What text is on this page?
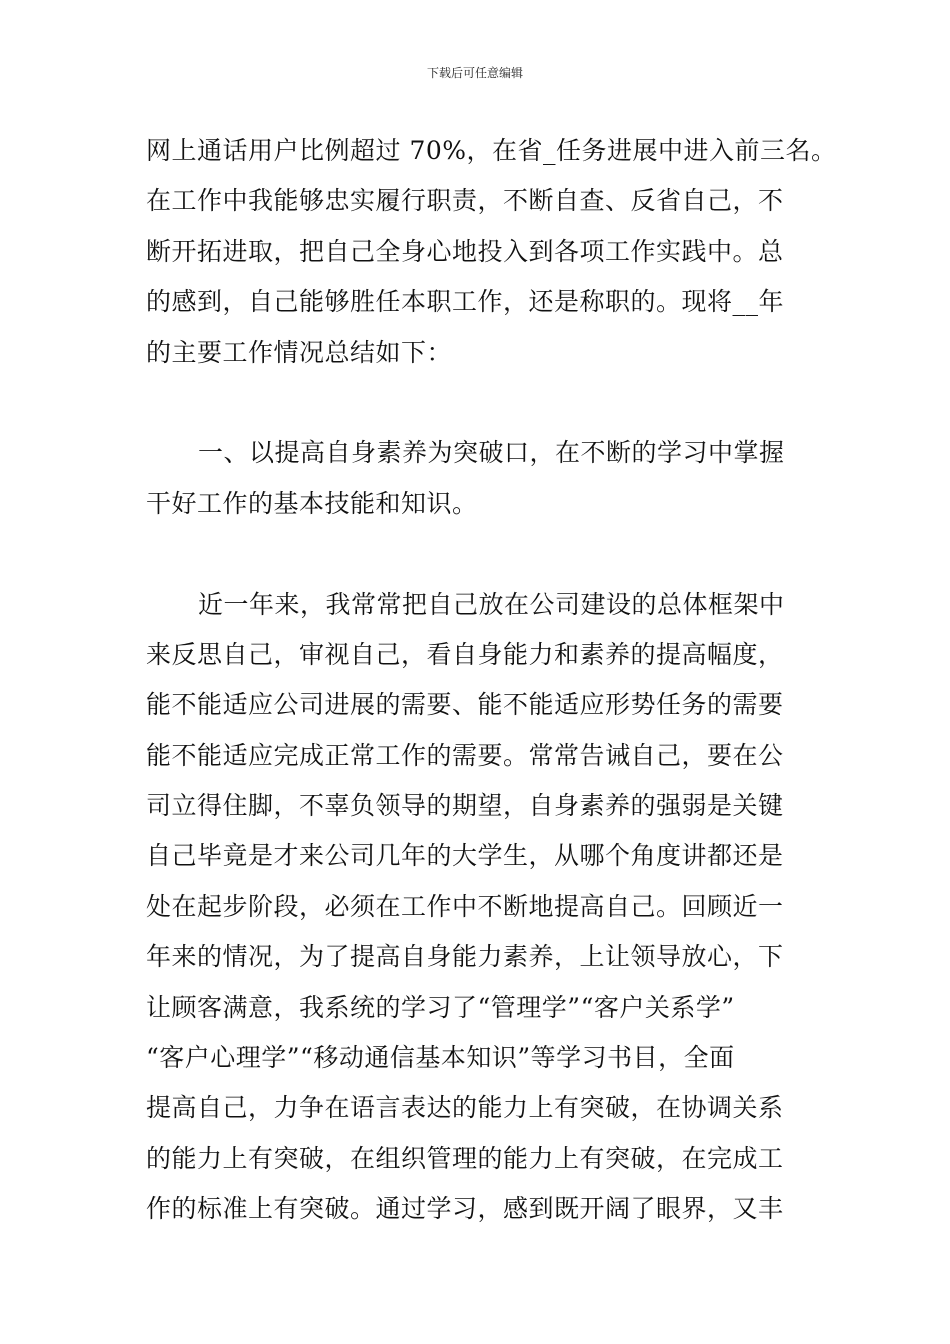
下载后可任意编辑
网上通话用户比例超过 70%，在省_任务进展中进入前三名。
在工作中我能够忠实履行职责，不断自查、反省自己，不
断开拓进取，把自己全身心地投入到各项工作实践中。总
的感到，自己能够胜任本职工作，还是称职的。现将__年
的主要工作情况总结如下：
一、以提高自身素养为突破口，在不断的学习中掌握
干好工作的基本技能和知识。
近一年来，我常常把自己放在公司建设的总体框架中
来反思自己，审视自己，看自身能力和素养的提高幅度，
能不能适应公司进展的需要、能不能适应形势任务的需要
能不能适应完成正常工作的需要。常常告诫自己，要在公
司立得住脚，不辜负领导的期望，自身素养的强弱是关键
自己毕竟是才来公司几年的大学生，从哪个角度讲都还是
处在起步阶段，必须在工作中不断地提高自己。回顾近一
年来的情况，为了提高自身能力素养，上让领导放心，下
让顾客满意，我系统的学习了“管理学”“客户关系学”
“客户心理学”“移动通信基本知识”等学习书目，全面
提高自己，力争在语言表达的能力上有突破，在协调关系
的能力上有突破，在组织管理的能力上有突破，在完成工
作的标准上有突破。通过学习，感到既开阔了眼界，又丰
